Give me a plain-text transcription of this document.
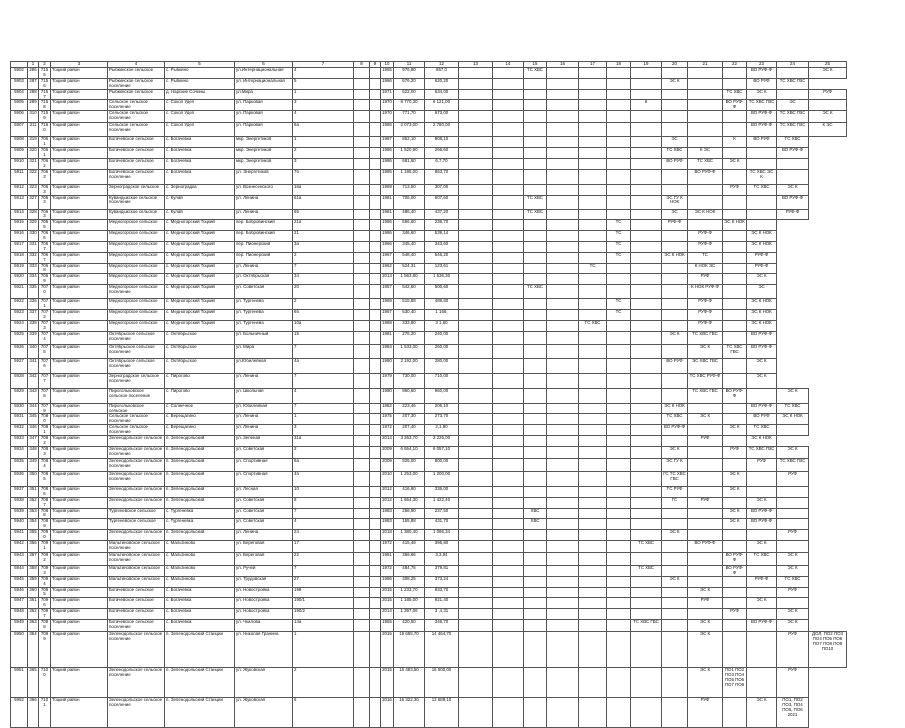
	1	2	3	4	5	6	7	8	9	10	11	12	13	14	15	16	17	18	19	20	21	22	23	24	25
5902	286	7155	Тоцкий район	Рыбкинское сельское	с. Рыбкино	ул.Интернациональная	4			1965	976,80	857,0			ТС ХВС								ВО РУФ-Ф		ЭС К
5903	287	7156	Тоцкий район	Рыбкинское сельское поселение	с. Рыбкино	ул. Интернациональная	5			1966	676,20	620,20								ЭС К			ВО РУФ	ТС ХВС ГВС	
5904	288	7157	Тоцкий район	Рыбкинское сельское	д. Нарские Сочины	ул.Мира	1			1971	622,00	634,00										ТС ХВС	ЭС К		РУФ
5905	289	7158	Тоцкий район	Сельское сельское поселение	с. Сокол Удел	ул. Парковая	3			1970	8 770,30	6 121,00							К			ВО РУФ-Ф	ТС ХВС ГВС	ЭС	
5906	310	7159	Тоцкий район	Сельское сельское поселение	с. Сокол Удел	ул. Парковая	4			1970	771,70	673,00											ВО РУФ-Ф	ТС ХВС ГВС	ЭС К
5907	311	7160	Тоцкий район	Сельское сельское поселение	с. Сокол Удел	ул. Парковая	6а			1986	2 073,00	2 780,00											ВО РУФ-Ф	ТС ХВС ГВС	К ЭС
5908	319	7061	Тоцкий район	Богачевское сельское	с. Богачевка	мкр. Энергетиков	1			1987	852,10	808,10								ЭС		К	ВО РУФ	ТС ХВС	
5909	320	7061	Тоцкий район	Богачевское сельское	с. Богачевка	мкр. Энергетиков	2			1986	1 520,90	266,60								ТС ХВС	К ЭС			ВО РУФ-Ф	
5910	321	7062	Тоцкий район	Богачевское сельское	с. Богачевка	мкр. Энергетиков	3			1986	681,50	6,7,70								ВО РУФ	ТС ХВС	ЭС К			
5911	322	7063	Тоцкий район	Богачевское сельское поселение	с. Богачевка	ул. Энергетиков	7б			1985	1 195,00	863,70									ВО РУФ-Ф		ТС ХВС ЭС К		
5912	323	7063	Тоцкий район	Зерноградское сельское	с. Зерноградка	ул. Вознесенского	16а			1969	713,50	307,00										РУФ	ТС ХВС	ЭС К	
5913	327	7063	Тоцкий район	Кувандыкское сельское поселение	с. Кулай	ул. Ленина	61а			1981	706,00	607,60			ТС ХВС					ЭС ГУ К НОК				ВО РУФ-Ф	
5914	328	7063	Тоцкий район	Кувандыкское сельское	с. Кулай	ул. Ленина	65			1981	486,40	437,20			ТС ХВС					ЭС	ЭС К НОК			РУФ-Ф	
5915	329	7065	Тоцкий район	Медногорское сельское	с. Медногорский Тоцкий	пер. Бобровинский	21а			1986	556,60	236,70						ТС		РУФ-Ф		ЭС К НОК			
5916	330	7066	Тоцкий район	Медногорское сельское	с. Медногорский Тоцкий	пер. Бобровинский	21			1986	346,60	539,14						ТС			РУФ-Ф		ЭС К НОК		
5917	331	7067	Тоцкий район	Медногорское сельское	с. Медногорский Тоцкий	пер. Пионерский	3а			1966	345,40	343,60						ТС			РУФ-Ф		ЭС К НОК		
5918	332	7067	Тоцкий район	Медногорское сельское	с. Медногорский Тоцкий	пер. Пионерский	2			1967	548,40	546,20						ТС		ЭС К НОК	ТС		РУФ-Ф		
5919	333	7068	Тоцкий район	Медногорское сельское	с. Медногорский Тоцкий	ул. Ленина	7			1962	524,31	123,61					ТС				К НОК ЭС		РУФ-Ф		
5920	334	7069	Тоцкий район	Медногорское сельское	с. Медногорский Тоцкий	ул. Октябрьская	34			2013	1 563,80	1 536,30									РУФ		ЭС К		
5921	335	7070	Тоцкий район	Медногорское сельское поселение	с. Медногорский Тоцкий	ул. Советская	20			1957	542,60	500,60			ТС ХВС						К НОК РУФ-Ф		ЭС		
5922	336	7071	Тоцкий район	Медногорское сельское	с. Медногорский Тоцкий	ул. Тургенева	2			1969	515,88	489,80						ТС			РУФ-Ф		ЭС К НОК		
5923	337	7072	Тоцкий район	Медногорское сельское	с. Медногорский Тоцкий	ул. Тургенева	6б			1967	530,40	1 166,						ТС			РУФ-Ф		ЭС К НОК		
5924	338	7073	Тоцкий район	Медногорское сельское	с. Медногорский Тоцкий	ул. Тургенева	10а			1988	333,80	3 1,60					ТС ХВС				РУФ-Ф		ЭС К НОК		
5925	339	7074	Тоцкий район	Октябрьское сельское поселение	с. Октябрьское	ул. Больничный	15			1981	276,20	240,00								ЭС К	ТС ХВС ГВС		ВО РУФ-Ф		
5926	340	7075	Тоцкий район	Октябрьское сельское поселение	с. Октябрьское	ул. Мира	7			1984	1 533,00	260,00									ЭС К	ТС ХВС ГВС	ВО РУФ-Ф		
5927	341	7076	Тоцкий район	Октябрьское сельское поселение	с. Октябрьское	ул.Юбилейная	4а			1980	2 192,00	280,00								ВО РУФ	ЭС ХВС ГВС		ЭС К		
5928	342	7077	Тоцкий район	Зерноградское сельское поселение	с. Пирогово	ул. Ленина	7			1979	730,00	710,00									ТС ХВС РУФ-Ф		ЭС К		
5929	343	7078	Тоцкий район	Пирогольковское сельское поселение	с. Пирогово	ул. Школьная	4			1980	960,60	960,00									ТС ХВС ГВС	ВО РУФ-Ф		ЭС К	
5930	344	7079	Тоцкий район	Пирогольковское сельское	с. Солнечное	ул. Юбилейная	7			1982	223,46	206,10								ЭС К НОК			ВО РУФ-Ф	ТС ХВС	
5931	345	7080	Тоцкий район	Сельское сельское поселение	с. Верещагино	ул. Ленина	1			1975	207,30	273,70								ТС ХВС	ЭС К		ВО РУФ	ЭС К НОК	
5932	346	7081	Тоцкий район	Сельское сельское поселение	с. Верещагино	ул. Ленина	3			1972	207,40	2,1,90								ВО РУФ-Ф		ЭС К	ТС ХВС		
5933	347	7082	Тоцкий район	Зеленодольское сельское	п. Зеленодольский	ул. Зеленая	31а			2014	3 263,70	3 226,00									РУФ		ЭС К НОК		
5934	348	7083	Тоцкий район	Зеленодольское сельское поселение	п. Зеленодольский	ул. Советская	2			2009	6 654,10	6 057,10								ЭС К		РУФ	ТС ХВС ГВС	ЭС К	
5935	349	7084	Тоцкий район	Зеленодольское сельское поселение	п. Зеленодольский	ул. Спортивная	6а			2009	825,00	800,00								ЭС ГУ К			РУФ	ТС ХВС ГВС	
5936	350	7085	Тоцкий район	Зеленодольское сельское поселение	п. Зеленодольский	ул. Спортивная	4б			2010	1 253,00	1 200,00								ГС ТС ХВС ГВС		ЭС К		РУФ	
5937	351	7086	Тоцкий район	Зеленодольское сельское	п. Зеленодольский	ул. Лесная	10			2012	416,90	336,00								ТС РУФ		ЭС К			
5938	352	7087	Тоцкий район	Зеленодольское сельское	п. Зеленодольский	ул. Советская	8			2012	1 654,30	1 422,40								ГС	РУФ		ЭС К		
5939	353	7088	Тоцкий район	Тургеневское сельское	с. Тургеневка	ул. Советская	7			1983	258,90	237,50			ХВС							ЭС К	ВО РУФ-Ф		
5940	354	7089	Тоцкий район	Тургеневское сельское	с. Тургеневка	ул. Советская	4			1983	155,88	431,70			ХВС							ЭС К	ВО РУФ-Ф		
5941	355	7090	Тоцкий район	Зеленодольское сельское	п. Зеленодольский	ул. Ленина	24			2018	1 380,40	1 086,34								ЭС К				РУФ	
5942	356	7091	Тоцкий район	Мальтиновское сельское поселение	с. Мальтиново	ул. Береговая	17			1972	415,48	395,80							ТС ХВС		ВО РУФ-Ф		ЭС К		
5943	357	7092	Тоцкий район	Мальтиновское сельское поселение	с. Мальтиново	ул. Береговая	22			1981	366,66	3,3,94										ВО РУФ-Ф	ТС ХВС	ЭС К	
5944	358	7093	Тоцкий район	Мальтиновское сельское	с. Мальтиново	ул. Ручей	7			1972	484,76	379,81							ТС ХВС			ВО РУФ-Ф		ЭС К	
5945	359	7094	Тоцкий район	Мальтиновское сельское	с. Мальтиново	ул. Трудовская	27			1986	308,25	373,24								ЭС К			РУФ-Ф	ТС ХВС	
5946	360	7095	Тоцкий район	Богачевское сельское	с. Богачевка	ул. Новостройка	198			2015	1 233,70	833,70									ЭС К			РУФ	
5947	361	7096	Тоцкий район	Богачевское сельское	с. Богачевка	ул. Новостройка	190/1			2015	1 185,00	921,40									РУФ		ЭС К		
5948	362	7097	Тоцкий район	Богачевское сельское	с. Богачевка	ул. Новостройка	190/2			2014	1 397,06	3 ,4,31										РУФ		ЭС К	
5949	363	7098	Тоцкий район	Богачевское сельское поселение	с. Богачевка	ул. Чкалова	14а			1955	420,50	346,70							ТС ХВС ГВС		ЭС К		ВО РУФ-Ф	ЭС К	
5950	364	7099	Тоцкий район	Зеленодольское сельское поселение	п. Зеленодольский Станции	ул. Николая Гранина	1			2015	19 655,70	14 464,70									ЭС К			РУФ	ДОЛ, ПО2 ПО3 ПО4 ПО5 ПО6 ПО7 ПО8 ПО9 ПО10
5951	365	7100	Тоцкий район	Зеленодольское сельское поселение	п. Зеленодольский Станции	ул. Жуковская	2			2015	16 493,50	16 500,00									ЭС К	ПО1 ПО2 ПО3 ПО4 ПО5 ПО6 ПО7 ПО8		РУФ	
5952	366	7101	Тоцкий район	Зеленодольское сельское поселение	п. Зеленодольский Станции	ул. Жуковская	6			2016	16 322,30	12 689,10									РУФ		ЭС К	ПО1, ПО2 ПО3, ПО4 ПО5, ПО6 2021	
